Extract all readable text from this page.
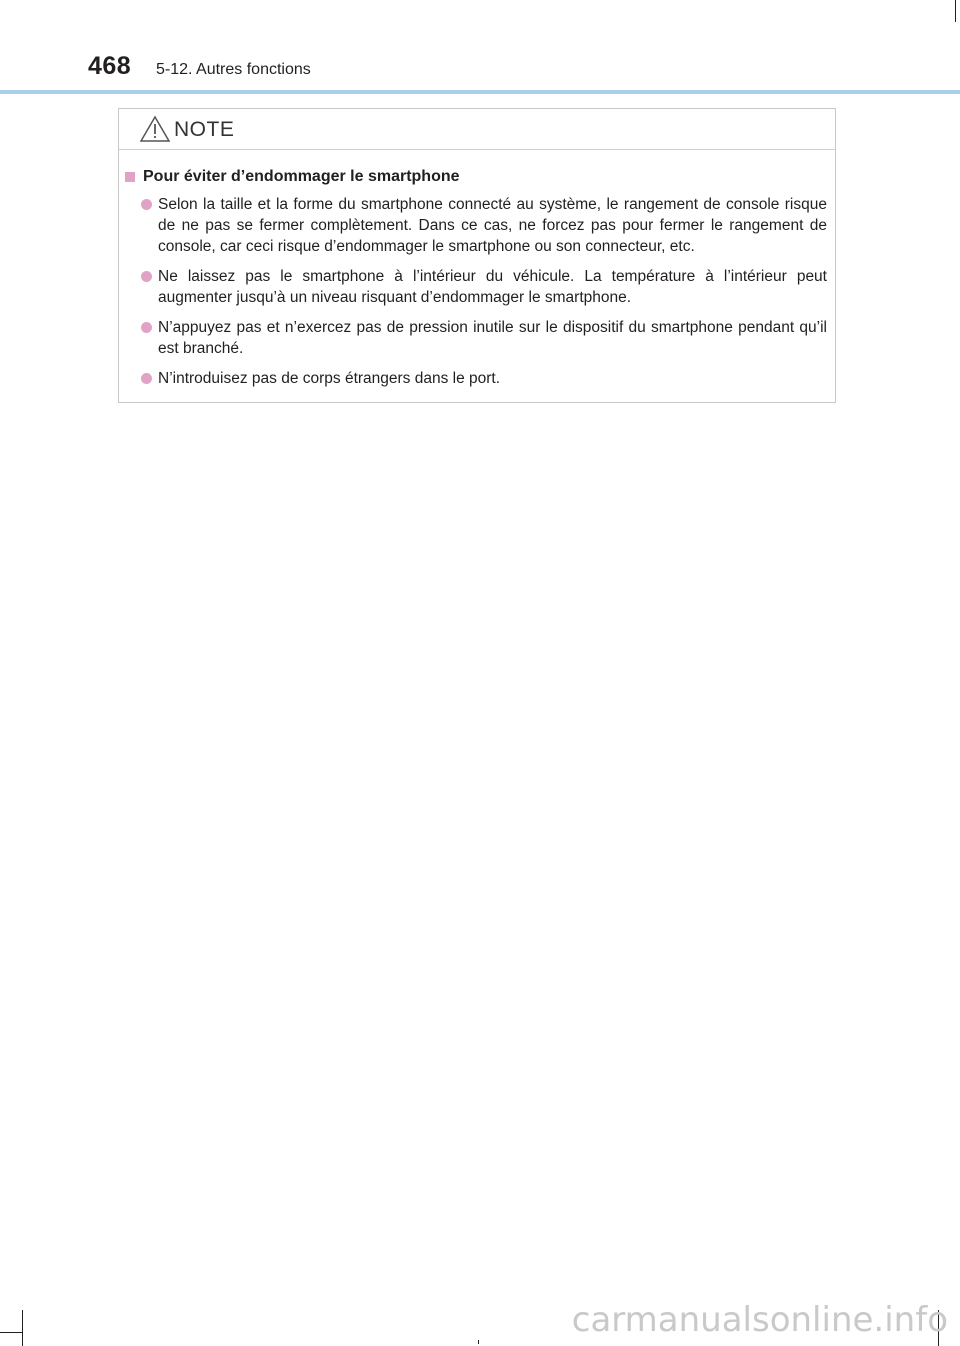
468 5-12. Autres fonctions
NOTE
Pour éviter d’endommager le smartphone
Selon la taille et la forme du smartphone connecté au système, le rangement de console risque de ne pas se fermer complètement. Dans ce cas, ne forcez pas pour fermer le rangement de console, car ceci risque d’endommager le smartphone ou son connecteur, etc.
Ne laissez pas le smartphone à l’intérieur du véhicule. La température à l’intérieur peut augmenter jusqu’à un niveau risquant d’endommager le smartphone.
N’appuyez pas et n’exercez pas de pression inutile sur le dispositif du smartphone pendant qu’il est branché.
N’introduisez pas de corps étrangers dans le port.
carmanualsonline.info
